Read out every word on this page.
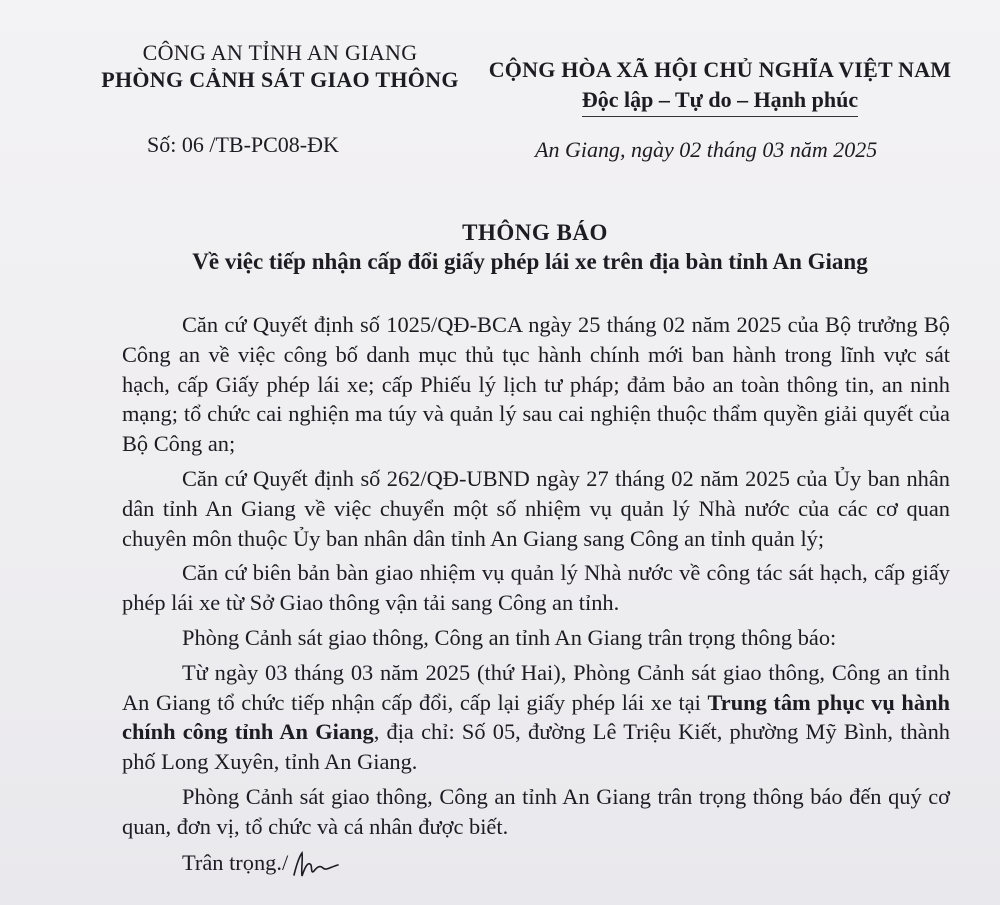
CÔNG AN TỈNH AN GIANG
PHÒNG CẢNH SÁT GIAO THÔNG
Số: 06 /TB-PC08-ĐK
CỘNG HÒA XÃ HỘI CHỦ NGHĨA VIỆT NAM
Độc lập – Tự do – Hạnh phúc
An Giang, ngày 02 tháng 03 năm 2025
THÔNG BÁO
Về việc tiếp nhận cấp đổi giấy phép lái xe trên địa bàn tỉnh An Giang

Căn cứ Quyết định số 1025/QĐ-BCA ngày 25 tháng 02 năm 2025 của Bộ trưởng Bộ Công an về việc công bố danh mục thủ tục hành chính mới ban hành trong lĩnh vực sát hạch, cấp Giấy phép lái xe; cấp Phiếu lý lịch tư pháp; đảm bảo an toàn thông tin, an ninh mạng; tổ chức cai nghiện ma túy và quản lý sau cai nghiện thuộc thẩm quyền giải quyết của Bộ Công an;

Căn cứ Quyết định số 262/QĐ-UBND ngày 27 tháng 02 năm 2025 của Ủy ban nhân dân tỉnh An Giang về việc chuyển một số nhiệm vụ quản lý Nhà nước của các cơ quan chuyên môn thuộc Ủy ban nhân dân tỉnh An Giang sang Công an tỉnh quản lý;

Căn cứ biên bản bàn giao nhiệm vụ quản lý Nhà nước về công tác sát hạch, cấp giấy phép lái xe từ Sở Giao thông vận tải sang Công an tỉnh.

Phòng Cảnh sát giao thông, Công an tỉnh An Giang trân trọng thông báo:

Từ ngày 03 tháng 03 năm 2025 (thứ Hai), Phòng Cảnh sát giao thông, Công an tỉnh An Giang tổ chức tiếp nhận cấp đổi, cấp lại giấy phép lái xe tại Trung tâm phục vụ hành chính công tỉnh An Giang, địa chỉ: Số 05, đường Lê Triệu Kiết, phường Mỹ Bình, thành phố Long Xuyên, tỉnh An Giang.

Phòng Cảnh sát giao thông, Công an tỉnh An Giang trân trọng thông báo đến quý cơ quan, đơn vị, tổ chức và cá nhân được biết.

Trân trọng./
